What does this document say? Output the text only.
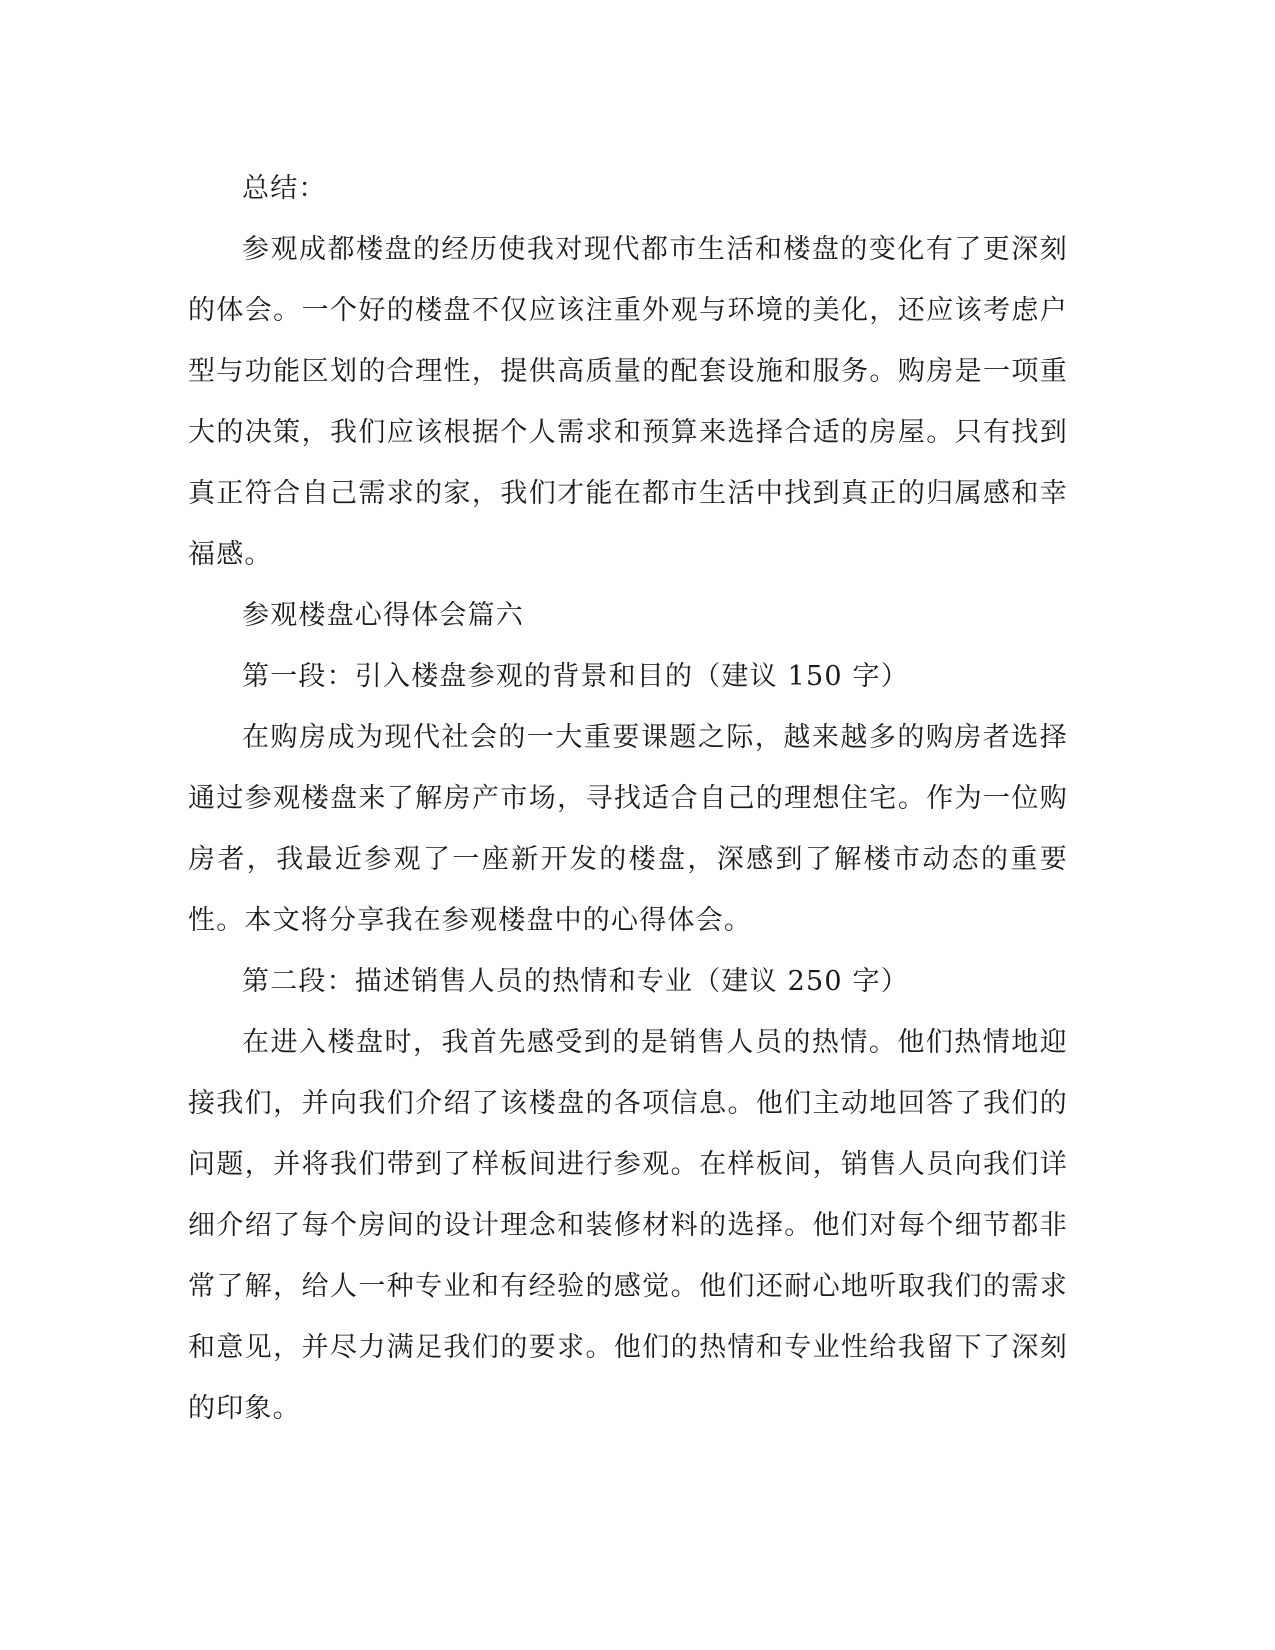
总结：

参观成都楼盘的经历使我对现代都市生活和楼盘的变化有了更深刻的体会。一个好的楼盘不仅应该注重外观与环境的美化，还应该考虑户型与功能区划的合理性，提供高质量的配套设施和服务。购房是一项重大的决策，我们应该根据个人需求和预算来选择合适的房屋。只有找到真正符合自己需求的家，我们才能在都市生活中找到真正的归属感和幸福感。

参观楼盘心得体会篇六

第一段：引入楼盘参观的背景和目的（建议 150 字）

在购房成为现代社会的一大重要课题之际，越来越多的购房者选择通过参观楼盘来了解房产市场，寻找适合自己的理想住宅。作为一位购房者，我最近参观了一座新开发的楼盘，深感到了解楼市动态的重要性。本文将分享我在参观楼盘中的心得体会。

第二段：描述销售人员的热情和专业（建议 250 字）

在进入楼盘时，我首先感受到的是销售人员的热情。他们热情地迎接我们，并向我们介绍了该楼盘的各项信息。他们主动地回答了我们的问题，并将我们带到了样板间进行参观。在样板间，销售人员向我们详细介绍了每个房间的设计理念和装修材料的选择。他们对每个细节都非常了解，给人一种专业和有经验的感觉。他们还耐心地听取我们的需求和意见，并尽力满足我们的要求。他们的热情和专业性给我留下了深刻的印象。
